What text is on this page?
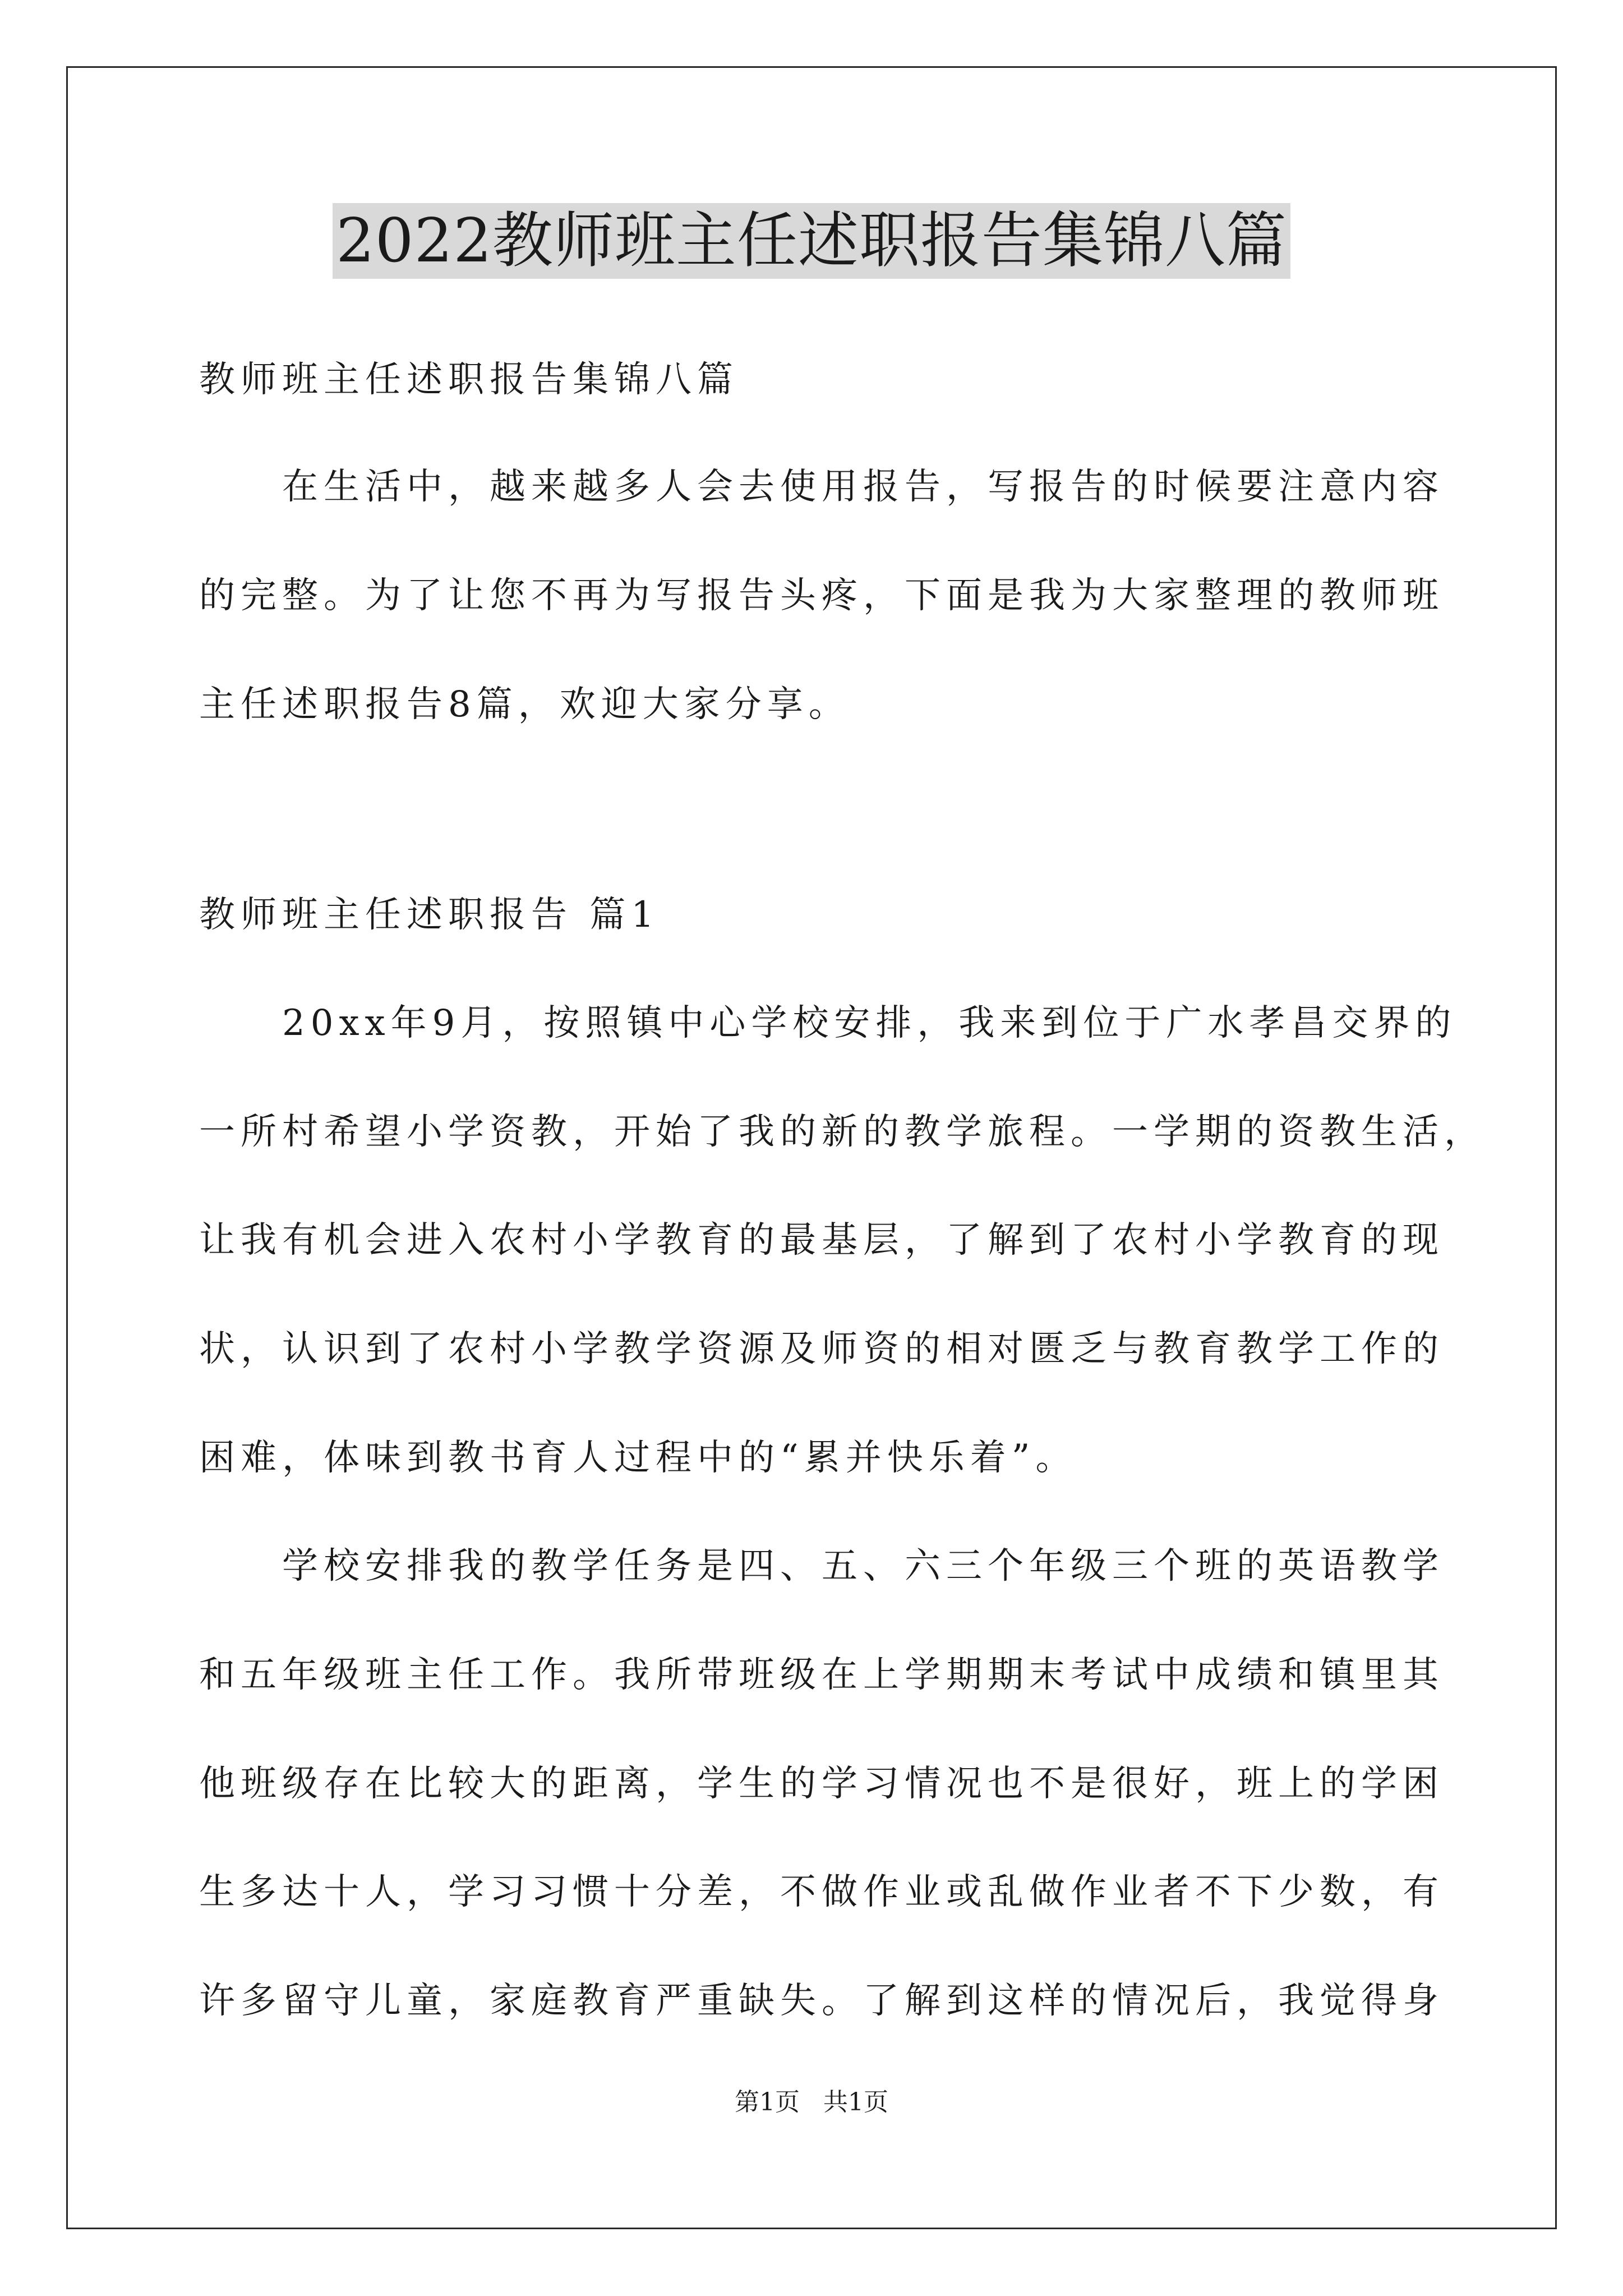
2022教师班主任述职报告集锦八篇
教师班主任述职报告集锦八篇
在生活中，越来越多人会去使用报告，写报告的时候要注意内容
的完整。为了让您不再为写报告头疼，下面是我为大家整理的教师班
主任述职报告8篇，欢迎大家分享。
教师班主任述职报告 篇1
20xx年9月，按照镇中心学校安排，我来到位于广水孝昌交界的
一所村希望小学资教，开始了我的新的教学旅程。一学期的资教生活，
让我有机会进入农村小学教育的最基层，了解到了农村小学教育的现
状，认识到了农村小学教学资源及师资的相对匮乏与教育教学工作的
困难，体味到教书育人过程中的“累并快乐着”。
学校安排我的教学任务是四、五、六三个年级三个班的英语教学
和五年级班主任工作。我所带班级在上学期期末考试中成绩和镇里其
他班级存在比较大的距离，学生的学习情况也不是很好，班上的学困
生多达十人，学习习惯十分差，不做作业或乱做作业者不下少数，有
许多留守儿童，家庭教育严重缺失。了解到这样的情况后，我觉得身
第1页   共1页
